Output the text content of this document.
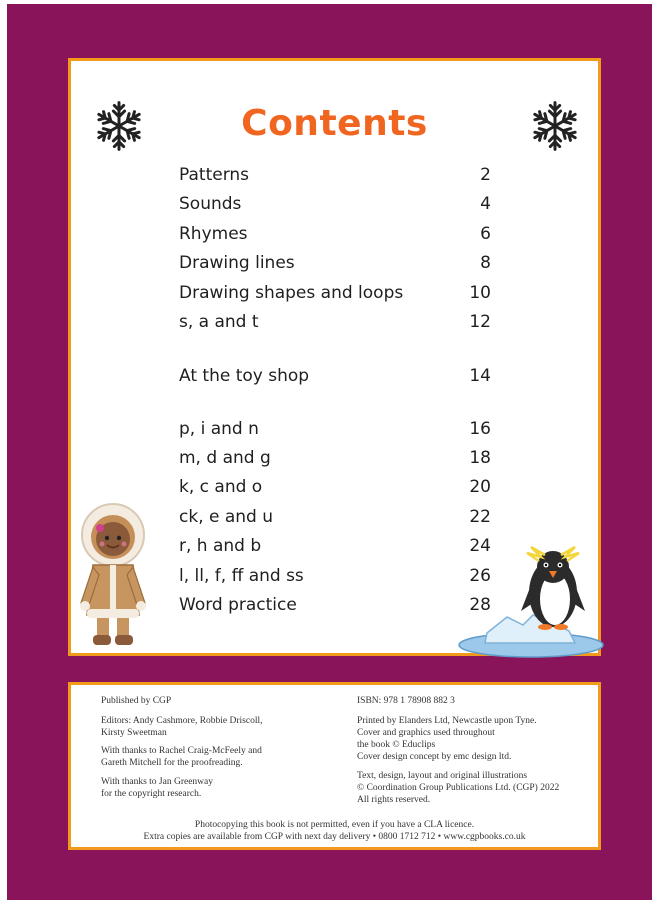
Contents
Patterns	2
Sounds	4
Rhymes	6
Drawing lines	8
Drawing shapes and loops	10
s, a and t	12
At the toy shop	14
p, i and n	16
m, d and g	18
k, c and o	20
ck, e and u	22
r, h and b	24
l, ll, f, ff and ss	26
Word practice	28
Published by CGP
Editors: Andy Cashmore, Robbie Driscoll,
Kirsty Sweetman
With thanks to Rachel Craig-McFeely and
Gareth Mitchell for the proofreading.
With thanks to Jan Greenway
for the copyright research.
ISBN: 978 1 78908 882 3
Printed by Elanders Ltd, Newcastle upon Tyne.
Cover and graphics used throughout
the book © Educlips
Cover design concept by emc design ltd.
Text, design, layout and original illustrations
© Coordination Group Publications Ltd. (CGP) 2022
All rights reserved.
Photocopying this book is not permitted, even if you have a CLA licence.
Extra copies are available from CGP with next day delivery • 0800 1712 712 • www.cgpbooks.co.uk
